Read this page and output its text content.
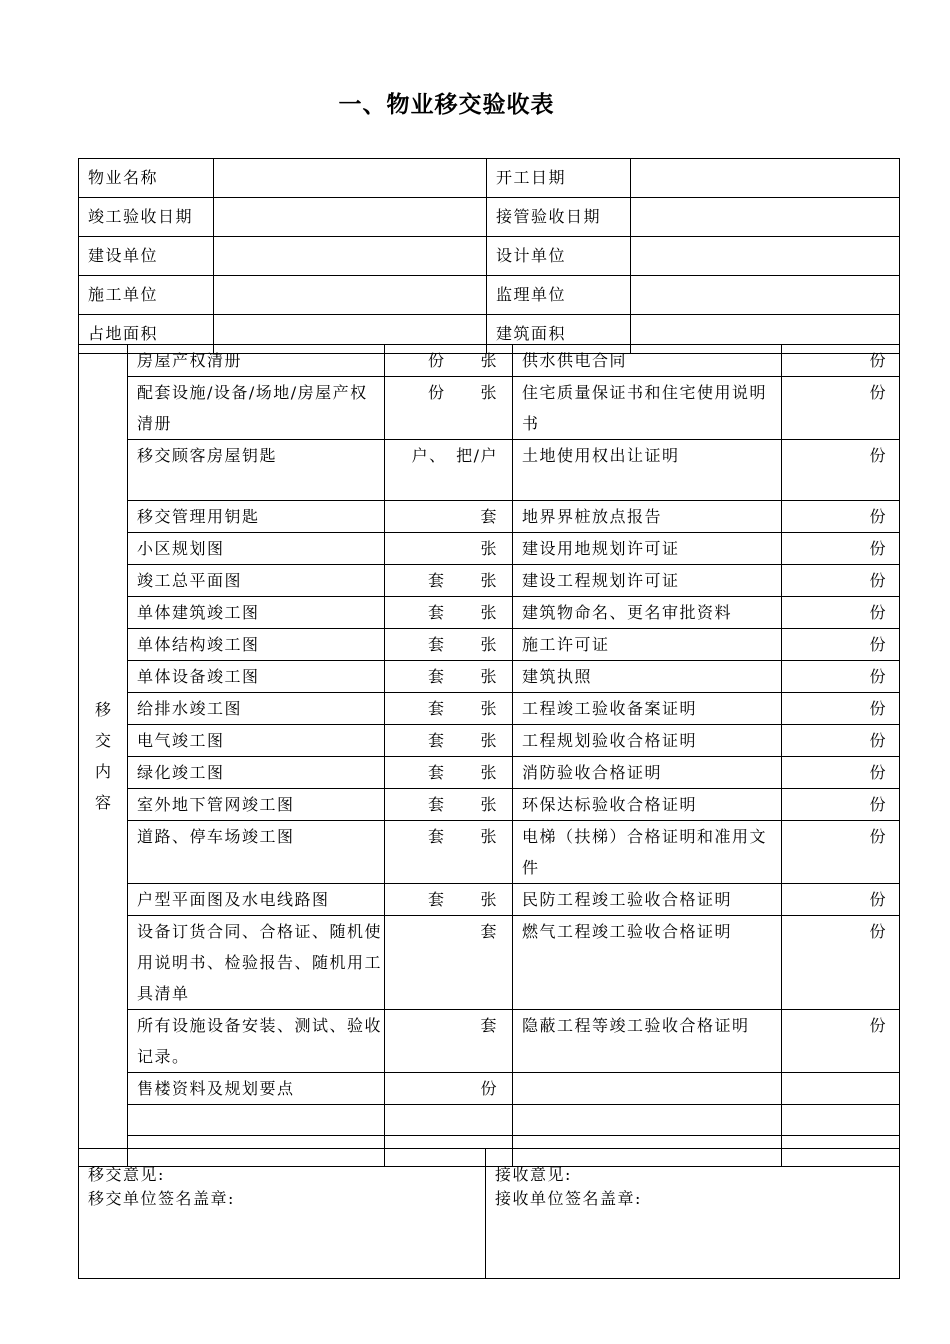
一、物业移交验收表
物业名称		开工日期	
竣工验收日期		接管验收日期	
建设单位		设计单位	
施工单位		监理单位	
占地面积		建筑面积	
移
交
内
容	房屋产权清册	份　　张	供水供电合同	份
	配套设施/设备/场地/房屋产权清册	份　　张	住宅质量保证书和住宅使用说明书	份
	移交顾客房屋钥匙	户、　把/户	土地使用权出让证明	份
	移交管理用钥匙	套	地界界桩放点报告	份
	小区规划图	张	建设用地规划许可证	份
	竣工总平面图	套　　张	建设工程规划许可证	份
	单体建筑竣工图	套　　张	建筑物命名、更名审批资料	份
	单体结构竣工图	套　　张	施工许可证	份
	单体设备竣工图	套　　张	建筑执照	份
	给排水竣工图	套　　张	工程竣工验收备案证明	份
	电气竣工图	套　　张	工程规划验收合格证明	份
	绿化竣工图	套　　张	消防验收合格证明	份
	室外地下管网竣工图	套　　张	环保达标验收合格证明	份
	道路、停车场竣工图	套　　张	电梯（扶梯）合格证明和准用文件	份
	户型平面图及水电线路图	套　　张	民防工程竣工验收合格证明	份
	设备订货合同、合格证、随机使用说明书、检验报告、随机用工具清单	套	燃气工程竣工验收合格证明	份
	所有设施设备安装、测试、验收记录。	套	隐蔽工程等竣工验收合格证明	份
	售楼资料及规划要点	份		

移交意见:
移交单位签名盖章:

接收意见:
接收单位签名盖章:
